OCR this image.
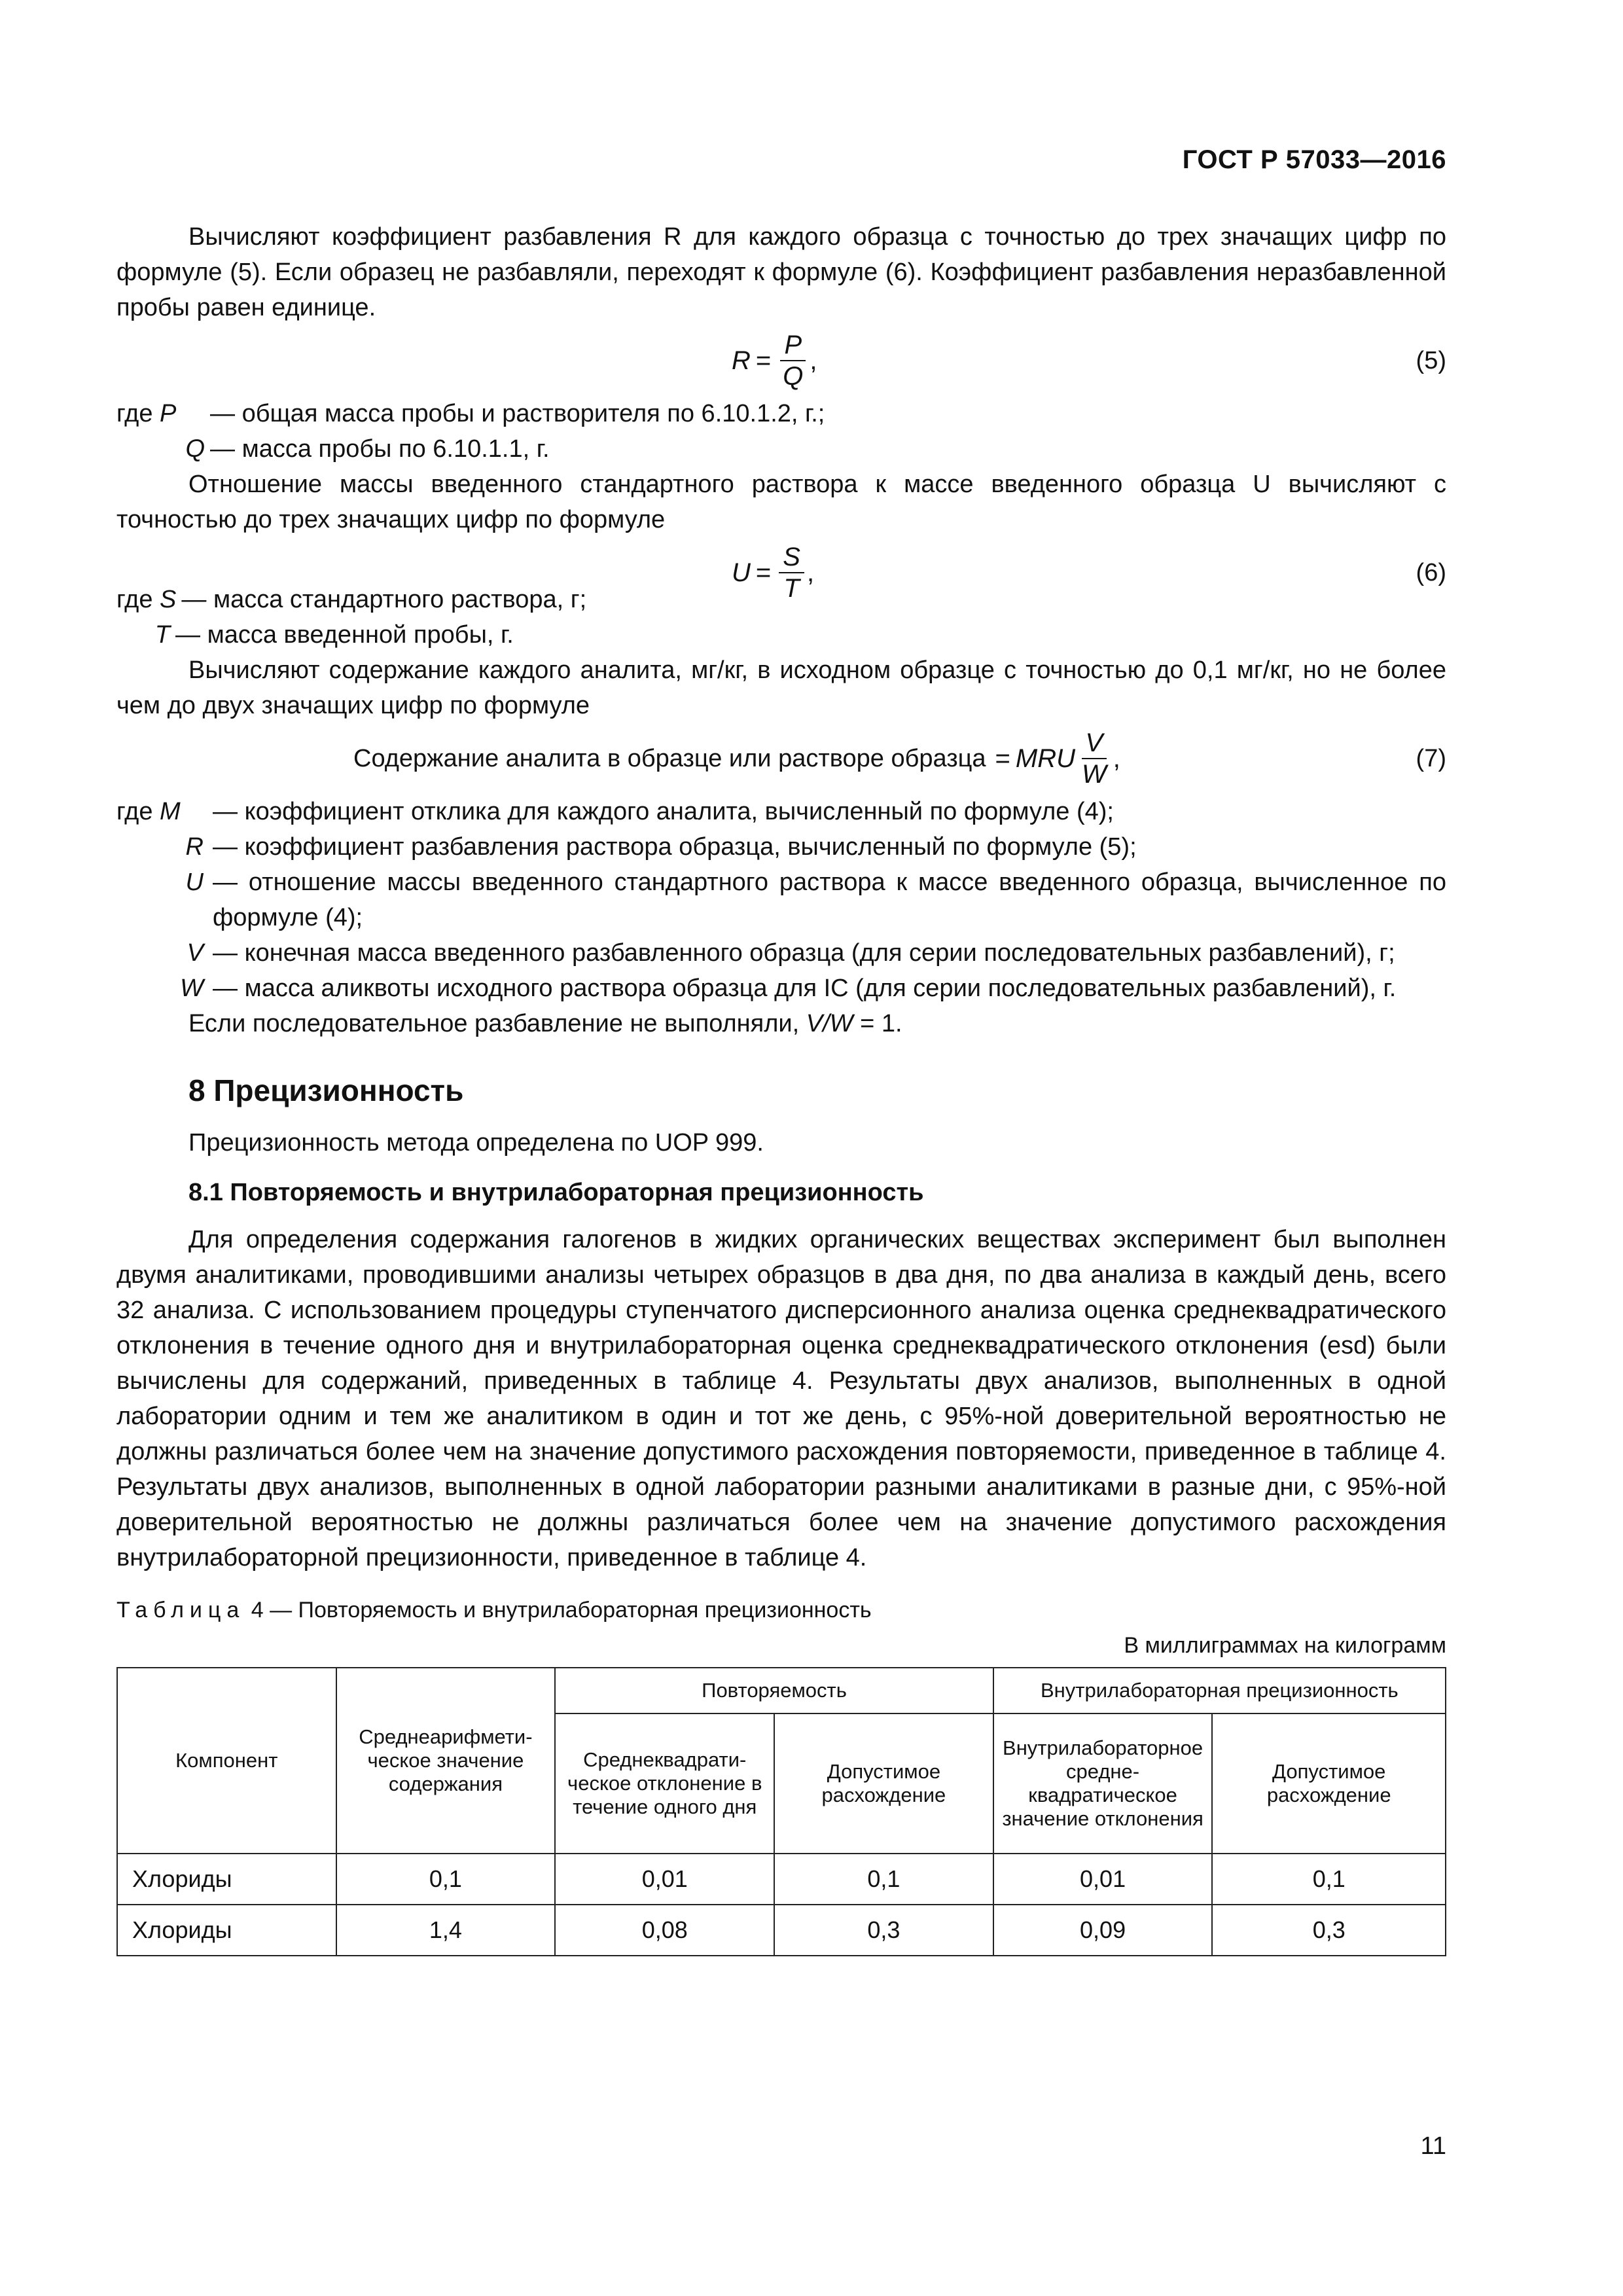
ГОСТ Р 57033—2016

Вычисляют коэффициент разбавления R для каждого образца с точностью до трех значащих цифр по формуле (5). Если образец не разбавляли, переходят к формуле (6). Коэффициент разбавления неразбавленной пробы равен единице.

$R = \frac{P}{Q}$ ,	(5)
где P	— общая масса пробы и растворителя по 6.10.1.2, г.;
Q — масса пробы по 6.10.1.1, г.

Отношение массы введенного стандартного раствора к массе введенного образца U вычисляют с точностью до трех значащих цифр по формуле

$U = \frac{S}{T}$ ,	(6)
где S — масса стандартного раствора, г;
T — масса введенной пробы, г.

Вычисляют содержание каждого аналита, мг/кг, в исходном образце с точностью до 0,1 мг/кг, но не более чем до двух значащих цифр по формуле

Содержание аналита в образце или растворе образца = MRU $\frac{V}{W}$ ,	(7)
где M	— коэффициент отклика для каждого аналита, вычисленный по формуле (4);
R — коэффициент разбавления раствора образца, вычисленный по формуле (5);
U — отношение массы введенного стандартного раствора к массе введенного образца, вычисленное по формуле (4);
V — конечная масса введенного разбавленного образца (для серии последовательных разбавлений), г;
W — масса аликвоты исходного раствора образца для IC (для серии последовательных разбавлений), г.

Если последовательное разбавление не выполняли, V/W = 1.

8 Прецизионность

Прецизионность метода определена по UOP 999.

8.1 Повторяемость и внутрилабораторная прецизионность

Для определения содержания галогенов в жидких органических веществах эксперимент был выполнен двумя аналитиками, проводившими анализы четырех образцов в два дня, по два анализа в каждый день, всего 32 анализа. С использованием процедуры ступенчатого дисперсионного анализа оценка среднеквадратического отклонения в течение одного дня и внутрилабораторная оценка среднеквадратического отклонения (esd) были вычислены для содержаний, приведенных в таблице 4. Результаты двух анализов, выполненных в одной лаборатории одним и тем же аналитиком в один и тот же день, с 95%-ной доверительной вероятностью не должны различаться более чем на значение допустимого расхождения повторяемости, приведенное в таблице 4. Результаты двух анализов, выполненных в одной лаборатории разными аналитиками в разные дни, с 95%-ной доверительной вероятностью не должны различаться более чем на значение допустимого расхождения внутрилабораторной прецизионности, приведенное в таблице 4.

Таблица 4 — Повторяемость и внутрилабораторная прецизионность
В миллиграммах на килограмм
Компонент	Среднеарифметическое значение содержания	Повторяемость		Внутрилабораторная прецизионность	
		Среднеквадратическое отклонение в течение одного дня	Допустимое расхождение	Внутрилабораторное среднеквадратическое значение отклонения	Допустимое расхождение
Хлориды	0,1	0,01	0,1	0,01	0,1
Хлориды	1,4	0,08	0,3	0,09	0,3
11
